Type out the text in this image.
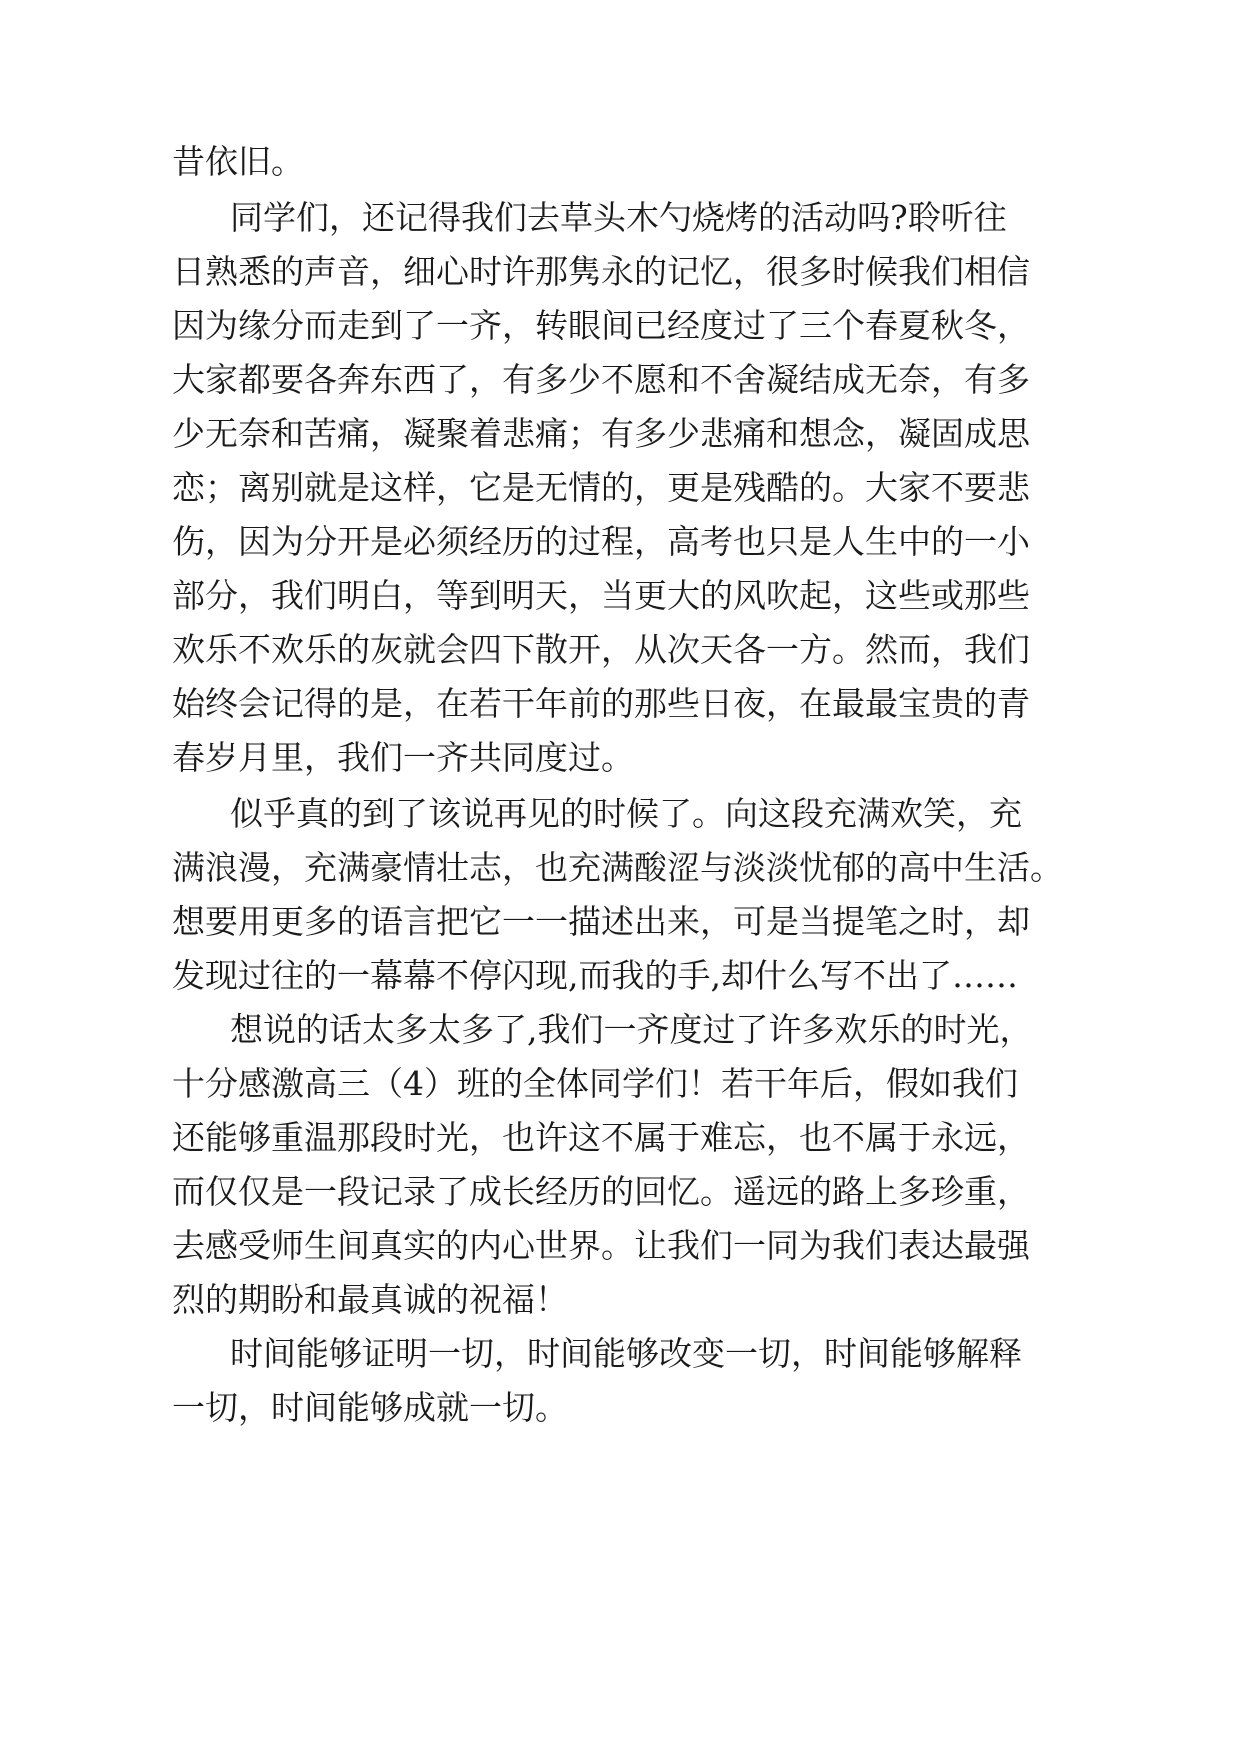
昔依旧。
同学们，还记得我们去草头木勺烧烤的活动吗?聆听往
日熟悉的声音，细心时许那隽永的记忆，很多时候我们相信
因为缘分而走到了一齐，转眼间已经度过了三个春夏秋冬，
大家都要各奔东西了，有多少不愿和不舍凝结成无奈，有多
少无奈和苦痛，凝聚着悲痛；有多少悲痛和想念，凝固成思
恋；离别就是这样，它是无情的，更是残酷的。大家不要悲
伤，因为分开是必须经历的过程，高考也只是人生中的一小
部分，我们明白，等到明天，当更大的风吹起，这些或那些
欢乐不欢乐的灰就会四下散开，从次天各一方。然而，我们
始终会记得的是，在若干年前的那些日夜，在最最宝贵的青
春岁月里，我们一齐共同度过。
似乎真的到了该说再见的时候了。向这段充满欢笑，充
满浪漫，充满豪情壮志，也充满酸涩与淡淡忧郁的高中生活。
想要用更多的语言把它一一描述出来，可是当提笔之时，却
发现过往的一幕幕不停闪现,而我的手,却什么写不出了……
想说的话太多太多了,我们一齐度过了许多欢乐的时光，
十分感激高三（4）班的全体同学们！若干年后，假如我们
还能够重温那段时光，也许这不属于难忘，也不属于永远，
而仅仅是一段记录了成长经历的回忆。遥远的路上多珍重，
去感受师生间真实的内心世界。让我们一同为我们表达最强
烈的期盼和最真诚的祝福！
时间能够证明一切，时间能够改变一切，时间能够解释
一切，时间能够成就一切。
